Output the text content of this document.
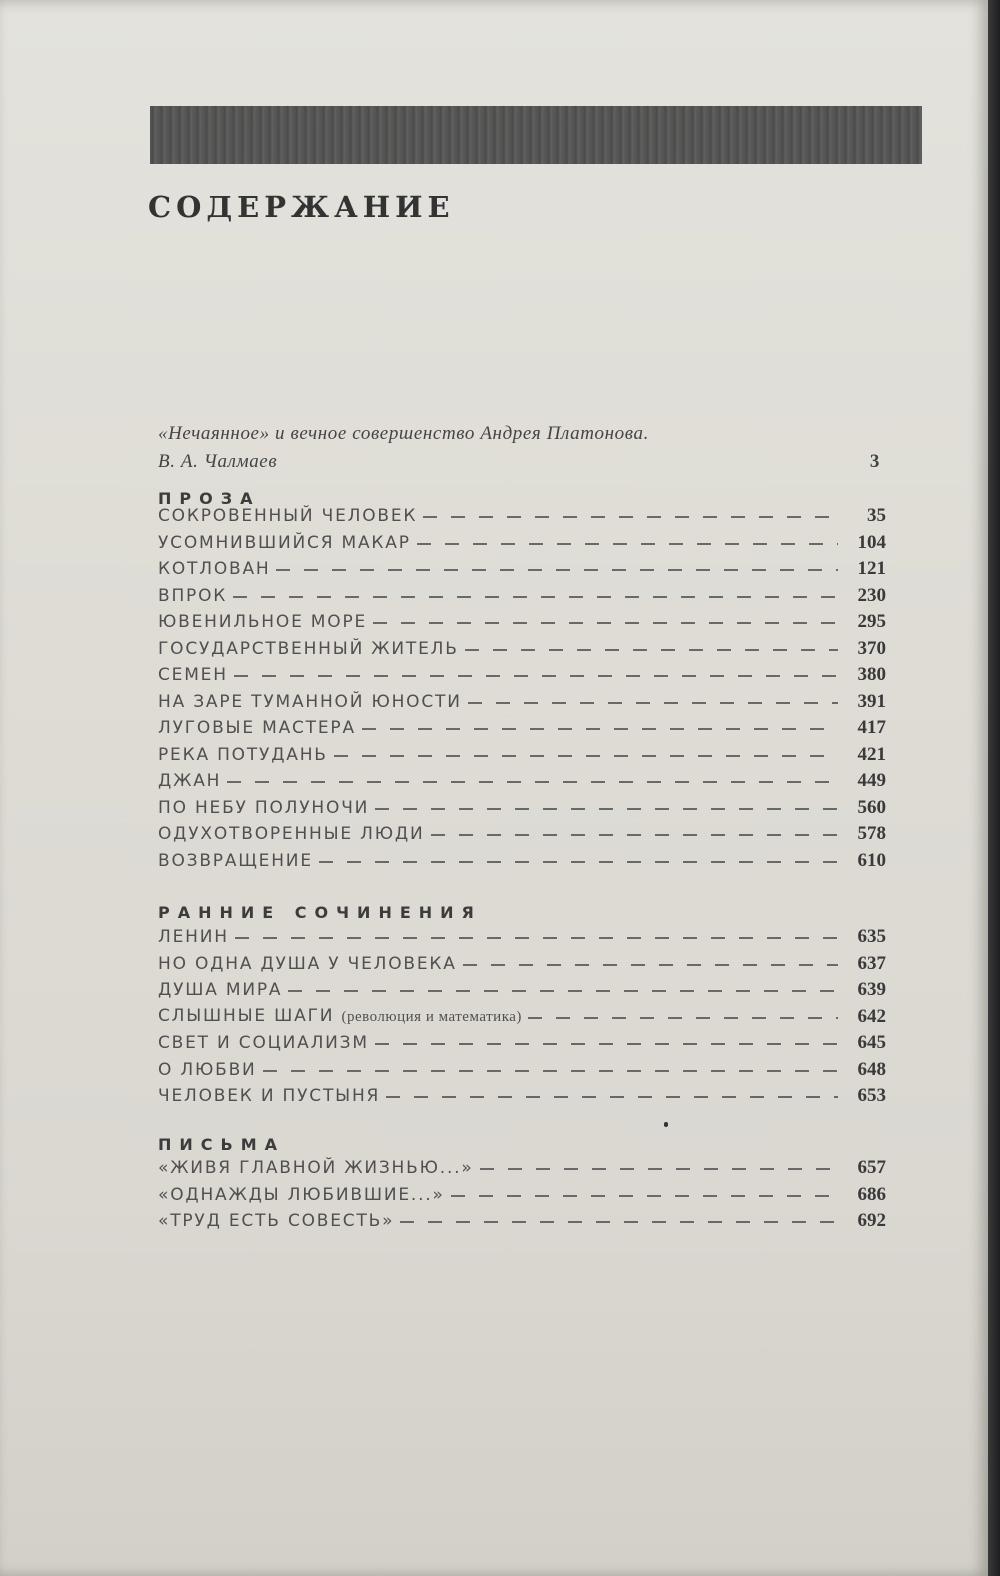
СОДЕРЖАНИЕ
«Нечаянное» и вечное совершенство Андрея Платонова.
В. А. Чалмаев	3
ПРОЗА
СОКРОВЕННЫЙ ЧЕЛОВЕК	35
УСОМНИВШИЙСЯ МАКАР	104
КОТЛОВАН	121
ВПРОК	230
ЮВЕНИЛЬНОЕ МОРЕ	295
ГОСУДАРСТВЕННЫЙ ЖИТЕЛЬ	370
СЕМЕН	380
НА ЗАРЕ ТУМАННОЙ ЮНОСТИ	391
ЛУГОВЫЕ МАСТЕРА	417
РЕКА ПОТУДАНЬ	421
ДЖАН	449
ПО НЕБУ ПОЛУНОЧИ	560
ОДУХОТВОРЕННЫЕ ЛЮДИ	578
ВОЗВРАЩЕНИЕ	610
РАННИЕ СОЧИНЕНИЯ
ЛЕНИН	635
НО ОДНА ДУША У ЧЕЛОВЕКА	637
ДУША МИРА	639
СЛЫШНЫЕ ШАГИ (революция и математика)	642
СВЕТ И СОЦИАЛИЗМ	645
О ЛЮБВИ	648
ЧЕЛОВЕК И ПУСТЫНЯ	653
ПИСЬМА
«ЖИВЯ ГЛАВНОЙ ЖИЗНЬЮ...»	657
«ОДНАЖДЫ ЛЮБИВШИЕ...»	686
«ТРУД ЕСТЬ СОВЕСТЬ»	692
